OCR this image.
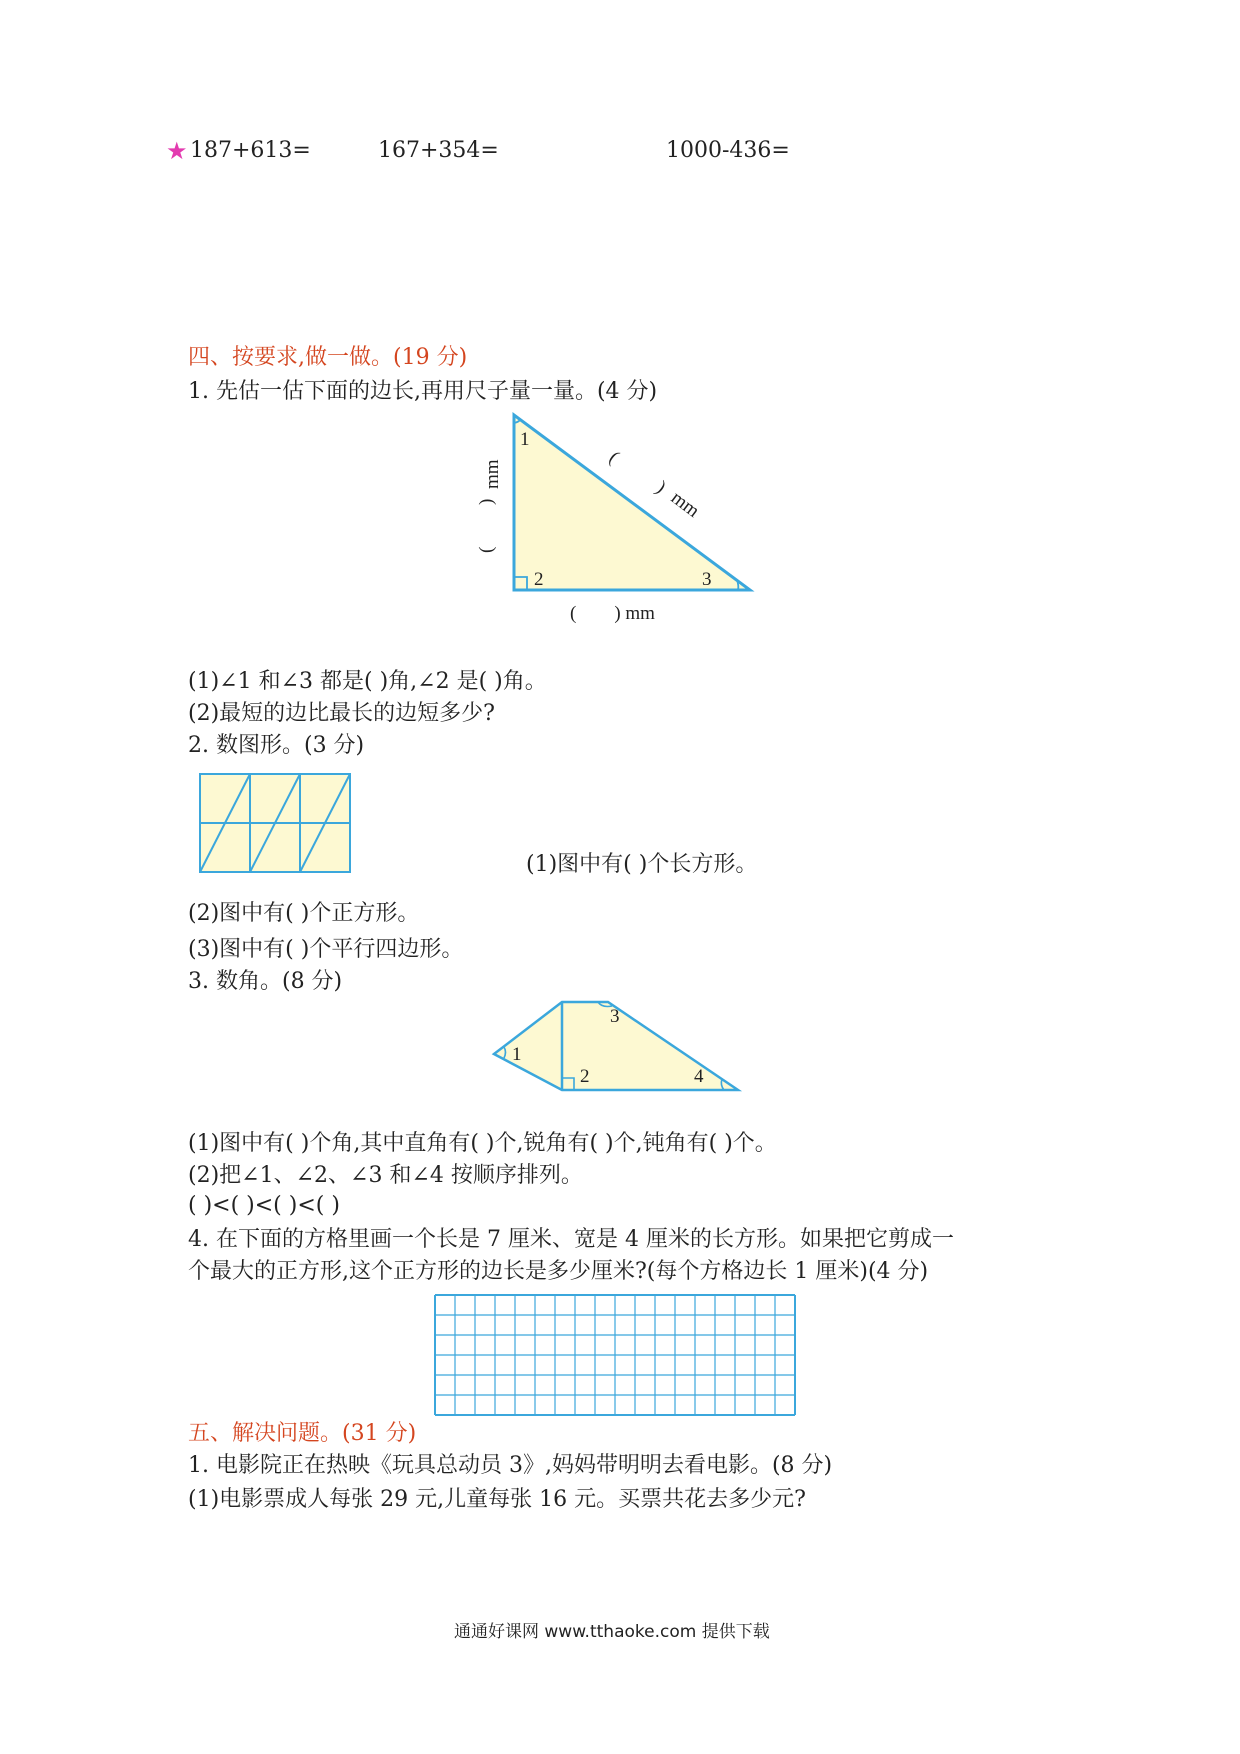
★ 187+613=	167+354=	1000-436=
四、按要求,做一做。(19 分)
1. 先估一估下面的边长,再用尺子量一量。(4 分)
1
2	3
(
)
mm
(
)
mm
(        ) mm
(1)∠1 和∠3 都是( )角,∠2 是( )角。
(2)最短的边比最长的边短多少?
2. 数图形。(3 分)
(1)图中有( )个长方形。
(2)图中有( )个正方形。
(3)图中有( )个平行四边形。
3. 数角。(8 分)
1
2
3
4
(1)图中有( )个角,其中直角有( )个,锐角有( )个,钝角有( )个。
(2)把∠1、∠2、∠3 和∠4 按顺序排列。
( )<( )<( )<( )
4. 在下面的方格里画一个长是 7 厘米、宽是 4 厘米的长方形。如果把它剪成一
个最大的正方形,这个正方形的边长是多少厘米?(每个方格边长 1 厘米)(4 分)
五、解决问题。(31 分)
1. 电影院正在热映《玩具总动员 3》,妈妈带明明去看电影。(8 分)
(1)电影票成人每张 29 元,儿童每张 16 元。买票共花去多少元?
通通好课网 www.tthaoke.com 提供下载
